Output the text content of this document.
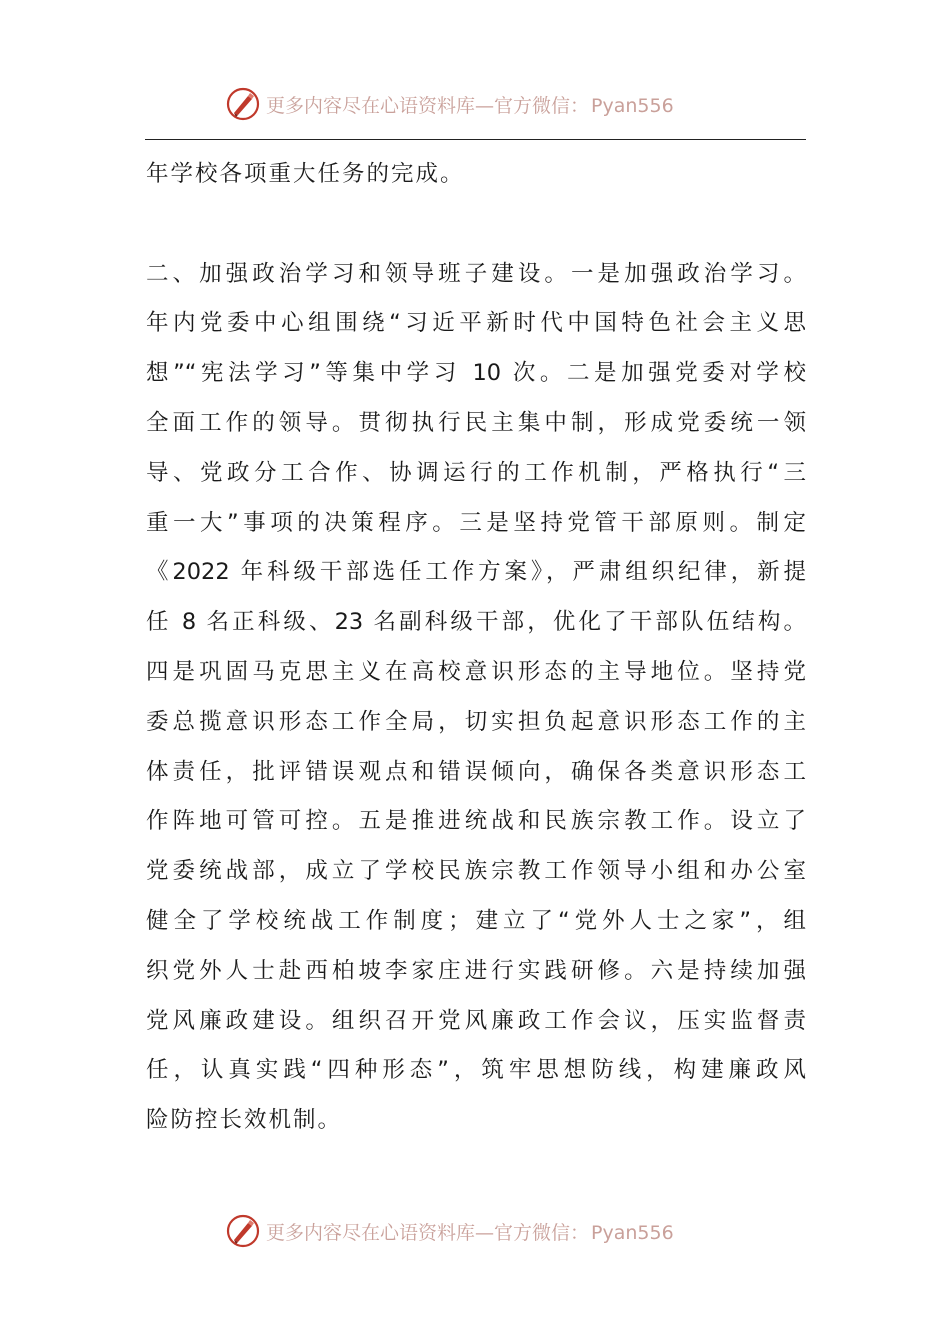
更多内容尽在心语资料库—官方微信： Pyan556
年学校各项重大任务的完成。
二、加强政治学习和领导班子建设。一是加强政治学习。
年内党委中心组围绕“习近平新时代中国特色社会主义思
想”“宪法学习”等集中学习 10 次。二是加强党委对学校
全面工作的领导。贯彻执行民主集中制，形成党委统一领
导、党政分工合作、协调运行的工作机制，严格执行“三
重一大”事项的决策程序。三是坚持党管干部原则。制定
《2022 年科级干部选任工作方案》，严肃组织纪律，新提
任 8 名正科级、23 名副科级干部，优化了干部队伍结构。
四是巩固马克思主义在高校意识形态的主导地位。坚持党
委总揽意识形态工作全局，切实担负起意识形态工作的主
体责任，批评错误观点和错误倾向，确保各类意识形态工
作阵地可管可控。五是推进统战和民族宗教工作。设立了
党委统战部，成立了学校民族宗教工作领导小组和办公室
健全了学校统战工作制度；建立了“党外人士之家”，组
织党外人士赴西柏坡李家庄进行实践研修。六是持续加强
党风廉政建设。组织召开党风廉政工作会议，压实监督责
任，认真实践“四种形态”，筑牢思想防线，构建廉政风
险防控长效机制。
更多内容尽在心语资料库—官方微信： Pyan556
